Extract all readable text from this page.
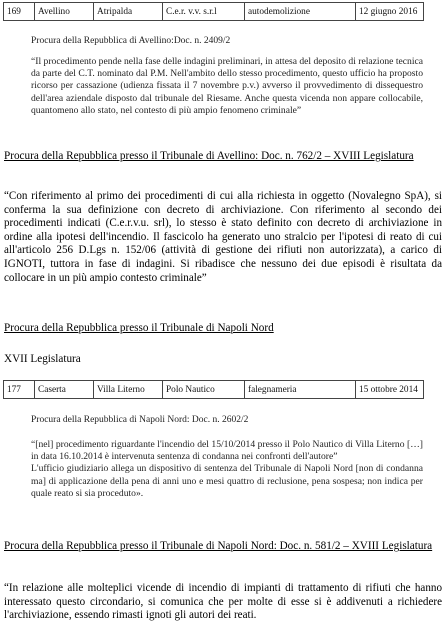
169	Avellino	Atripalda	C.e.r. v.v. s.r.l	autodemolizione	12 giugno 2016
Procura della Repubblica di Avellino:Doc. n. 2409/2
“Il procedimento pende nella fase delle indagini preliminari, in attesa del deposito di relazione tecnica da parte del C.T. nominato dal P.M. Nell'ambito dello stesso procedimento, questo ufficio ha proposto ricorso per cassazione (udienza fissata il 7 novembre p.v.) avverso il provvedimento di dissequestro dell'area aziendale disposto dal tribunale del Riesame. Anche questa vicenda non appare collocabile, quantomeno allo stato, nel contesto di più ampio fenomeno criminale”
Procura della Repubblica presso il Tribunale di Avellino: Doc. n. 762/2 – XVIII Legislatura
“Con riferimento al primo dei procedimenti di cui alla richiesta in oggetto (Novalegno SpA), si conferma la sua definizione con decreto di archiviazione. Con riferimento al secondo dei procedimenti indicati (C.e.r.v.u. srl), lo stesso è stato definito con decreto di archiviazione in ordine alla ipotesi dell'incendio. Il fascicolo ha generato uno stralcio per l'ipotesi di reato di cui all'articolo 256 D.Lgs n. 152/06 (attività di gestione dei rifiuti non autorizzata), a carico di IGNOTI, tuttora in fase di indagini. Si ribadisce che nessuno dei due episodi è risultata da collocare in un più ampio contesto criminale”
Procura della Repubblica presso il Tribunale di Napoli Nord
XVII Legislatura
177	Caserta	Villa Literno	Polo Nautico	falegnameria	15 ottobre 2014
Procura della Repubblica di Napoli Nord: Doc. n. 2602/2
“[nel] procedimento riguardante l'incendio del 15/10/2014 presso il Polo Nautico di Villa Literno […] in data 16.10.2014 è intervenuta sentenza di condanna nei confronti dell'autore”
L'ufficio giudiziario allega un dispositivo di sentenza del Tribunale di Napoli Nord [non di condanna ma] di applicazione della pena di anni uno e mesi quattro di reclusione, pena sospesa; non indica per quale reato si sia proceduto».
Procura della Repubblica presso il Tribunale di Napoli Nord: Doc. n. 581/2 – XVIII Legislatura
“In relazione alle molteplici vicende di incendio di impianti di trattamento di rifiuti che hanno interessato questo circondario, si comunica che per molte di esse si è addivenuti a richiedere l'archiviazione, essendo rimasti ignoti gli autori dei reati.
